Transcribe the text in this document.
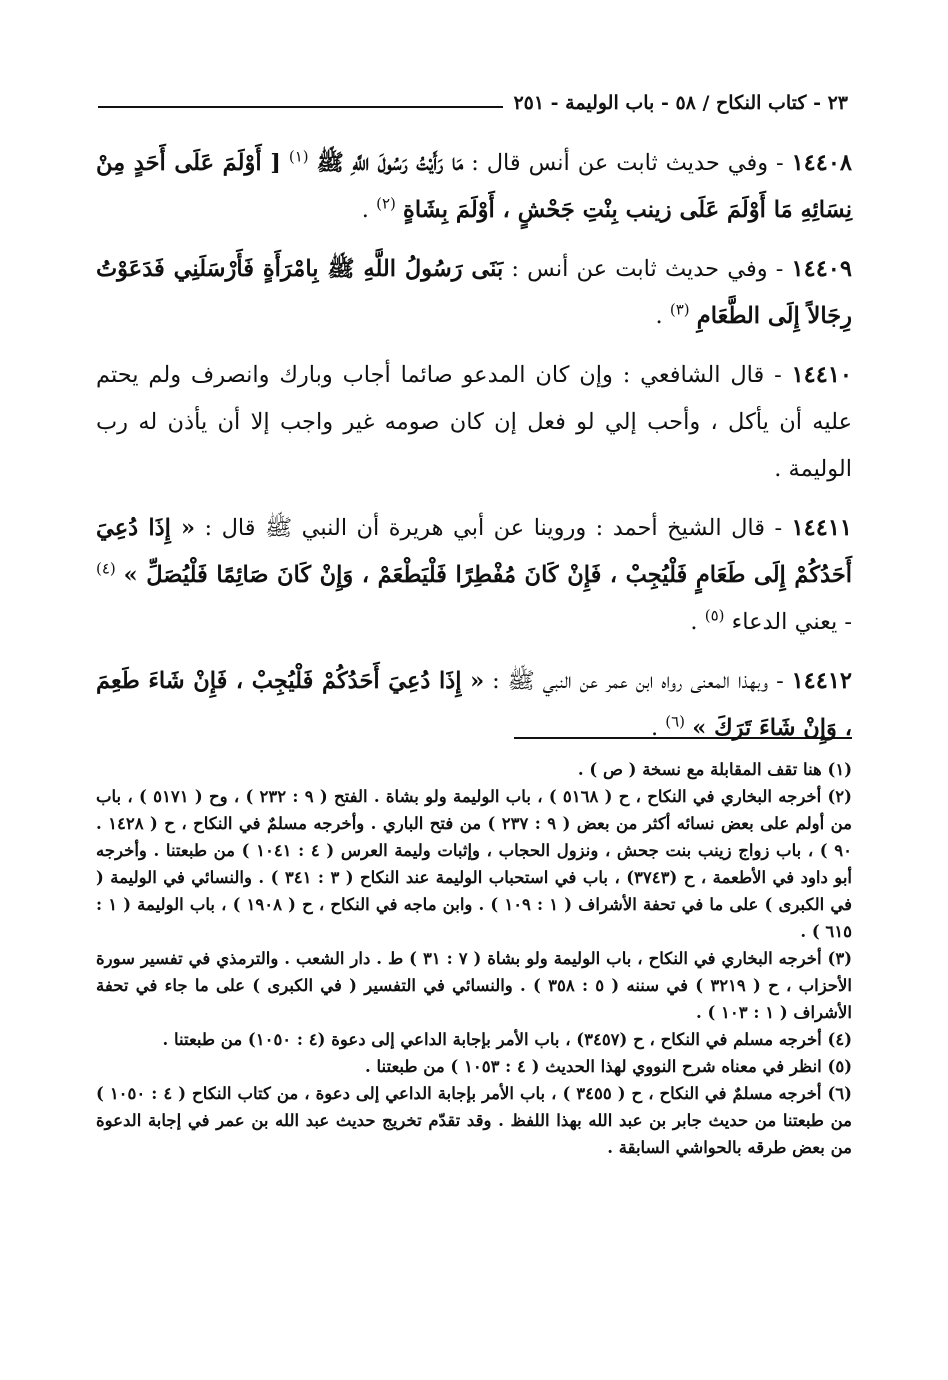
٢٣ - كتاب النكاح / ٥٨ - باب الوليمة - ٢٥١

١٤٤٠٨ - وفي حديث ثابت عن أنس قال : مَا رَأَيْتُ رَسُولَ اللَّهِ ﷺ $^{(١)}$ [ أَوْلَمَ عَلَى أَحَدٍ مِنْ نِسَائِهِ مَا أَوْلَمَ عَلَى زينب بِنْتِ جَحْشٍ ، أَوْلَمَ بِشَاةٍ $^{(٢)}$ .

١٤٤٠٩ - وفي حديث ثابت عن أنس : بَنَى رَسُولُ اللَّهِ ﷺ بِامْرَأَةٍ فَأَرْسَلَنِي فَدَعَوْتُ رِجَالاً إِلَى الطَّعَامِ $^{(٣)}$ .

١٤٤١٠ - قال الشافعي : وإن كان المدعو صائما أجاب وبارك وانصرف ولم يحتم عليه أن يأكل ، وأحب إلي لو فعل إن كان صومه غير واجب إلا أن يأذن له رب الوليمة .

١٤٤١١ - قال الشيخ أحمد : وروينا عن أبي هريرة أن النبي ﷺ قال : « إِذَا دُعِيَ أَحَدُكُمْ إِلَى طَعَامٍ فَلْيُجِبْ ، فَإِنْ كَانَ مُفْطِرًا فَلْيَطْعَمْ ، وَإِنْ كَانَ صَائِمًا فَلْيُصَلِّ » $^{(٤)}$ - يعني الدعاء $^{(٥)}$ .

١٤٤١٢ - وبهذا المعنى رواه ابن عمر عن النبي ﷺ : « إِذَا دُعِيَ أَحَدُكُمْ فَلْيُجِبْ ، فَإِنْ شَاءَ طَعِمَ ، وَإِنْ شَاءَ تَرَكَ » $^{(٦)}$ .

(١) هنا تقف المقابلة مع نسخة ( ص ) .

(٢) أخرجه البخاري في النكاح ، ح ( ٥١٦٨ ) ، باب الوليمة ولو بشاة . الفتح ( ٩ : ٢٣٢ ) ، وح ( ٥١٧١ ) ، باب من أولم على بعض نسائه أكثر من بعض ( ٩ : ٢٣٧ ) من فتح الباري . وأخرجه مسلمٌ في النكاح ، ح ( ١٤٢٨ . ٩٠ ) ، باب زواج زينب بنت جحش ، ونزول الحجاب ، وإثبات وليمة العرس ( ٤ : ١٠٤١ ) من طبعتنا . وأخرجه أبو داود في الأطعمة ، ح (٣٧٤٣) ، باب في استحباب الوليمة عند النكاح ( ٣ : ٣٤١ ) . والنسائي في الوليمة ( في الكبرى ) على ما في تحفة الأشراف ( ١ : ١٠٩ ) . وابن ماجه في النكاح ، ح ( ١٩٠٨ ) ، باب الوليمة ( ١ : ٦١٥ ) .

(٣) أخرجه البخاري في النكاح ، باب الوليمة ولو بشاة ( ٧ : ٣١ ) ط . دار الشعب . والترمذي في تفسير سورة الأحزاب ، ح ( ٣٢١٩ ) في سننه ( ٥ : ٣٥٨ ) . والنسائي في التفسير ( في الكبرى ) على ما جاء في تحفة الأشراف ( ١ : ١٠٣ ) .

(٤) أخرجه مسلم في النكاح ، ح (٣٤٥٧) ، باب الأمر بإجابة الداعي إلى دعوة (٤ : ١٠٥٠) من طبعتنا .

(٥) انظر في معناه شرح النووي لهذا الحديث ( ٤ : ١٠٥٣ ) من طبعتنا .

(٦) أخرجه مسلمٌ في النكاح ، ح ( ٣٤٥٥ ) ، باب الأمر بإجابة الداعي إلى دعوة ، من كتاب النكاح ( ٤ : ١٠٥٠ ) من طبعتنا من حديث جابر بن عبد الله بهذا اللفظ . وقد تقدّم تخريج حديث عبد الله بن عمر في إجابة الدعوة من بعض طرقه بالحواشي السابقة .
